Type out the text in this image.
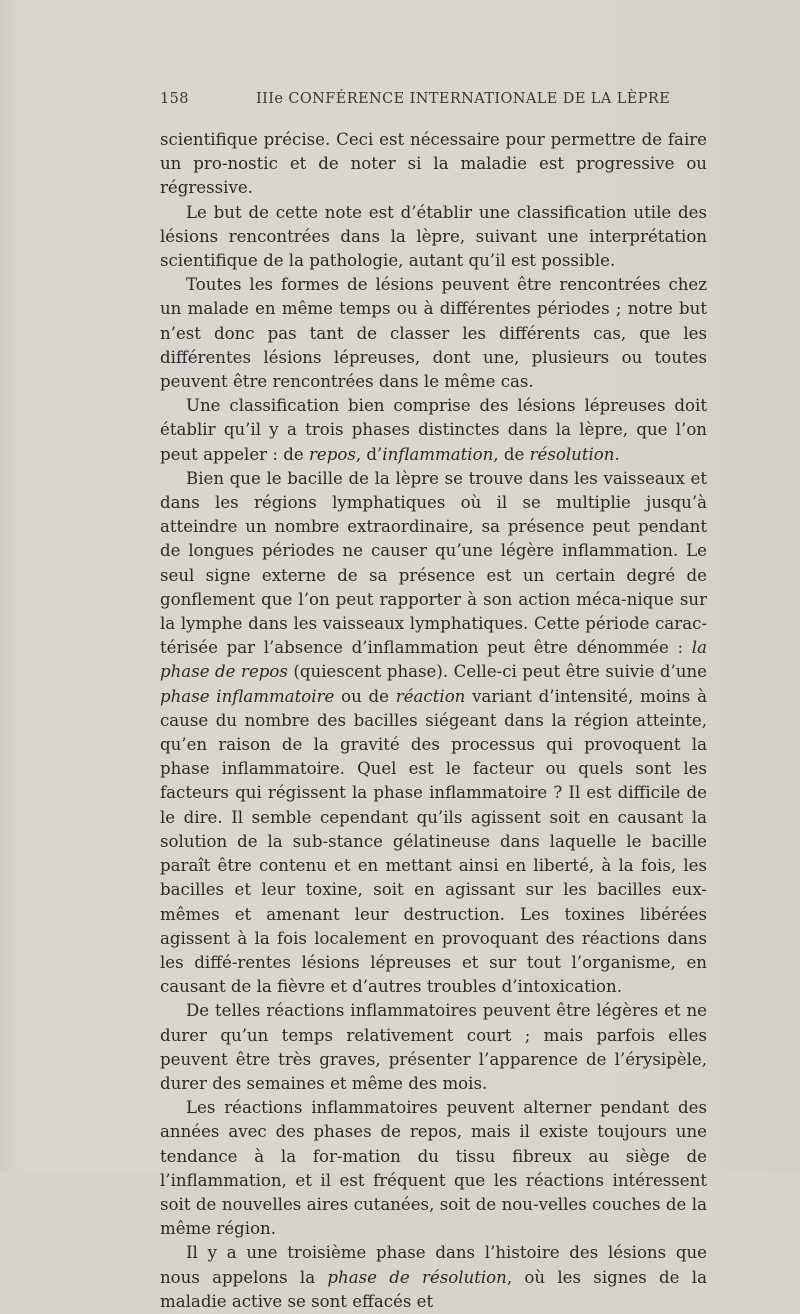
158	IIIe CONFÉRENCE INTERNATIONALE DE LA LÈPRE

scientifique précise. Ceci est nécessaire pour permettre de faire un pro-nostic et de noter si la maladie est progressive ou régressive.

Le but de cette note est d’établir une classification utile des lésions rencontrées dans la lèpre, suivant une interprétation scientifique de la pathologie, autant qu’il est possible.

Toutes les formes de lésions peuvent être rencontrées chez un malade en même temps ou à différentes périodes ; notre but n’est donc pas tant de classer les différents cas, que les différentes lésions lépreuses, dont une, plusieurs ou toutes peuvent être rencontrées dans le même cas.

Une classification bien comprise des lésions lépreuses doit établir qu’il y a trois phases distinctes dans la lèpre, que l’on peut appeler : de repos, d’inflammation, de résolution.

Bien que le bacille de la lèpre se trouve dans les vaisseaux et dans les régions lymphatiques où il se multiplie jusqu’à atteindre un nombre extraordinaire, sa présence peut pendant de longues périodes ne causer qu’une légère inflammation. Le seul signe externe de sa présence est un certain degré de gonflement que l’on peut rapporter à son action méca-nique sur la lymphe dans les vaisseaux lymphatiques. Cette période carac-térisée par l’absence d’inflammation peut être dénommée : la phase de repos (quiescent phase). Celle-ci peut être suivie d’une phase inflammatoire ou de réaction variant d’intensité, moins à cause du nombre des bacilles siégeant dans la région atteinte, qu’en raison de la gravité des processus qui provoquent la phase inflammatoire. Quel est le facteur ou quels sont les facteurs qui régissent la phase inflammatoire ? Il est difficile de le dire. Il semble cependant qu’ils agissent soit en causant la solution de la sub-stance gélatineuse dans laquelle le bacille paraît être contenu et en mettant ainsi en liberté, à la fois, les bacilles et leur toxine, soit en agissant sur les bacilles eux-mêmes et amenant leur destruction. Les toxines libérées agissent à la fois localement en provoquant des réactions dans les diffé-rentes lésions lépreuses et sur tout l’organisme, en causant de la fièvre et d’autres troubles d’intoxication.

De telles réactions inflammatoires peuvent être légères et ne durer qu’un temps relativement court ; mais parfois elles peuvent être très graves, présenter l’apparence de l’érysipèle, durer des semaines et même des mois.

Les réactions inflammatoires peuvent alterner pendant des années avec des phases de repos, mais il existe toujours une tendance à la for-mation du tissu fibreux au siège de l’inflammation, et il est fréquent que les réactions intéressent soit de nouvelles aires cutanées, soit de nou-velles couches de la même région.

Il y a une troisième phase dans l’histoire des lésions que nous appelons la phase de résolution, où les signes de la maladie active se sont effacés et
